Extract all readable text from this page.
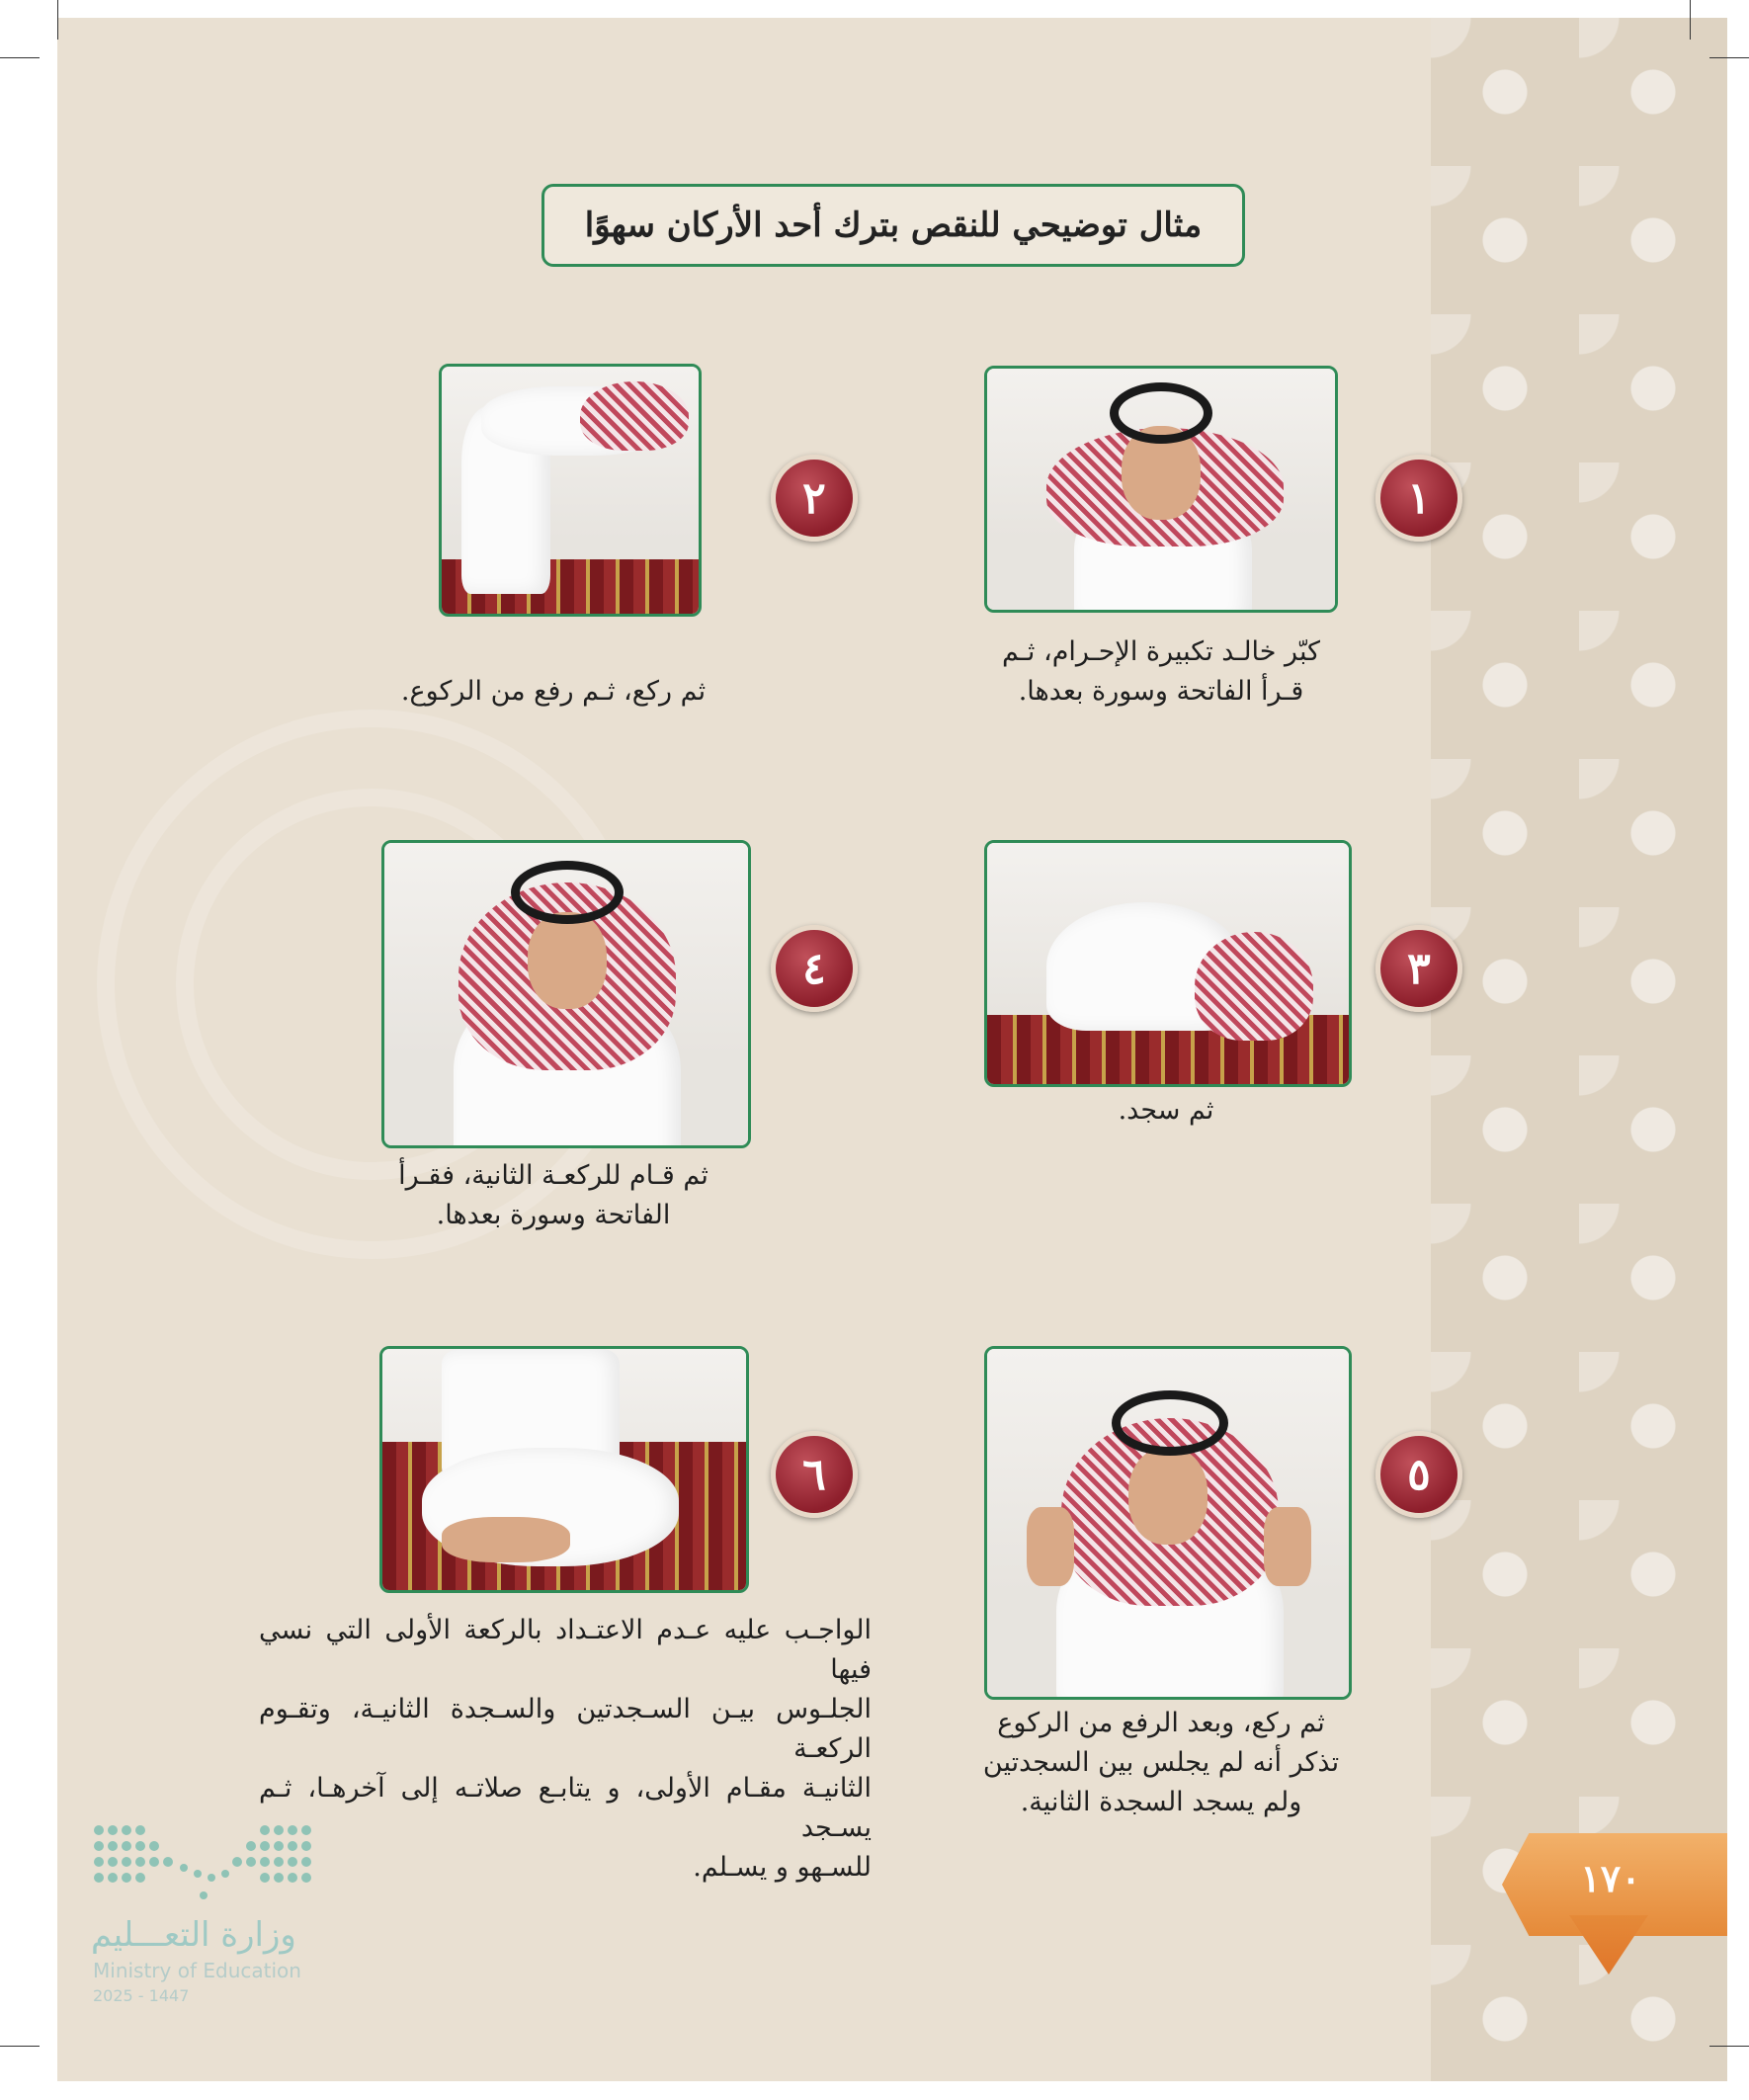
مثال توضيحي للنقص بترك أحد الأركان سهوًا
١
كبّر خالـد تكبيرة الإحـرام، ثـم
قـرأ الفاتحة وسورة بعدها.
٢
ثم ركع، ثـم رفع من الركوع.
٣
ثم سجد.
٤
ثم قـام للركعـة الثانية، فقـرأ
الفاتحة وسورة بعدها.
٥
ثم ركع، وبعد الرفع من الركوع
تذكر أنه لم يجلس بين السجدتين
ولم يسجد السجدة الثانية.
٦
الواجـب عليه عـدم الاعتـداد بالركعة الأولى التي نسي فيها
الجلـوس بيـن السـجدتين والسـجدة الثانيـة، وتقـوم الركعـة
الثانيـة مقـام الأولى، و يتابـع صلاتـه إلى آخرهـا، ثـم يسـجد
للسـهو و يسـلم.
وزارة التعـــليم
Ministry of Education
2025 - 1447
١٧٠
